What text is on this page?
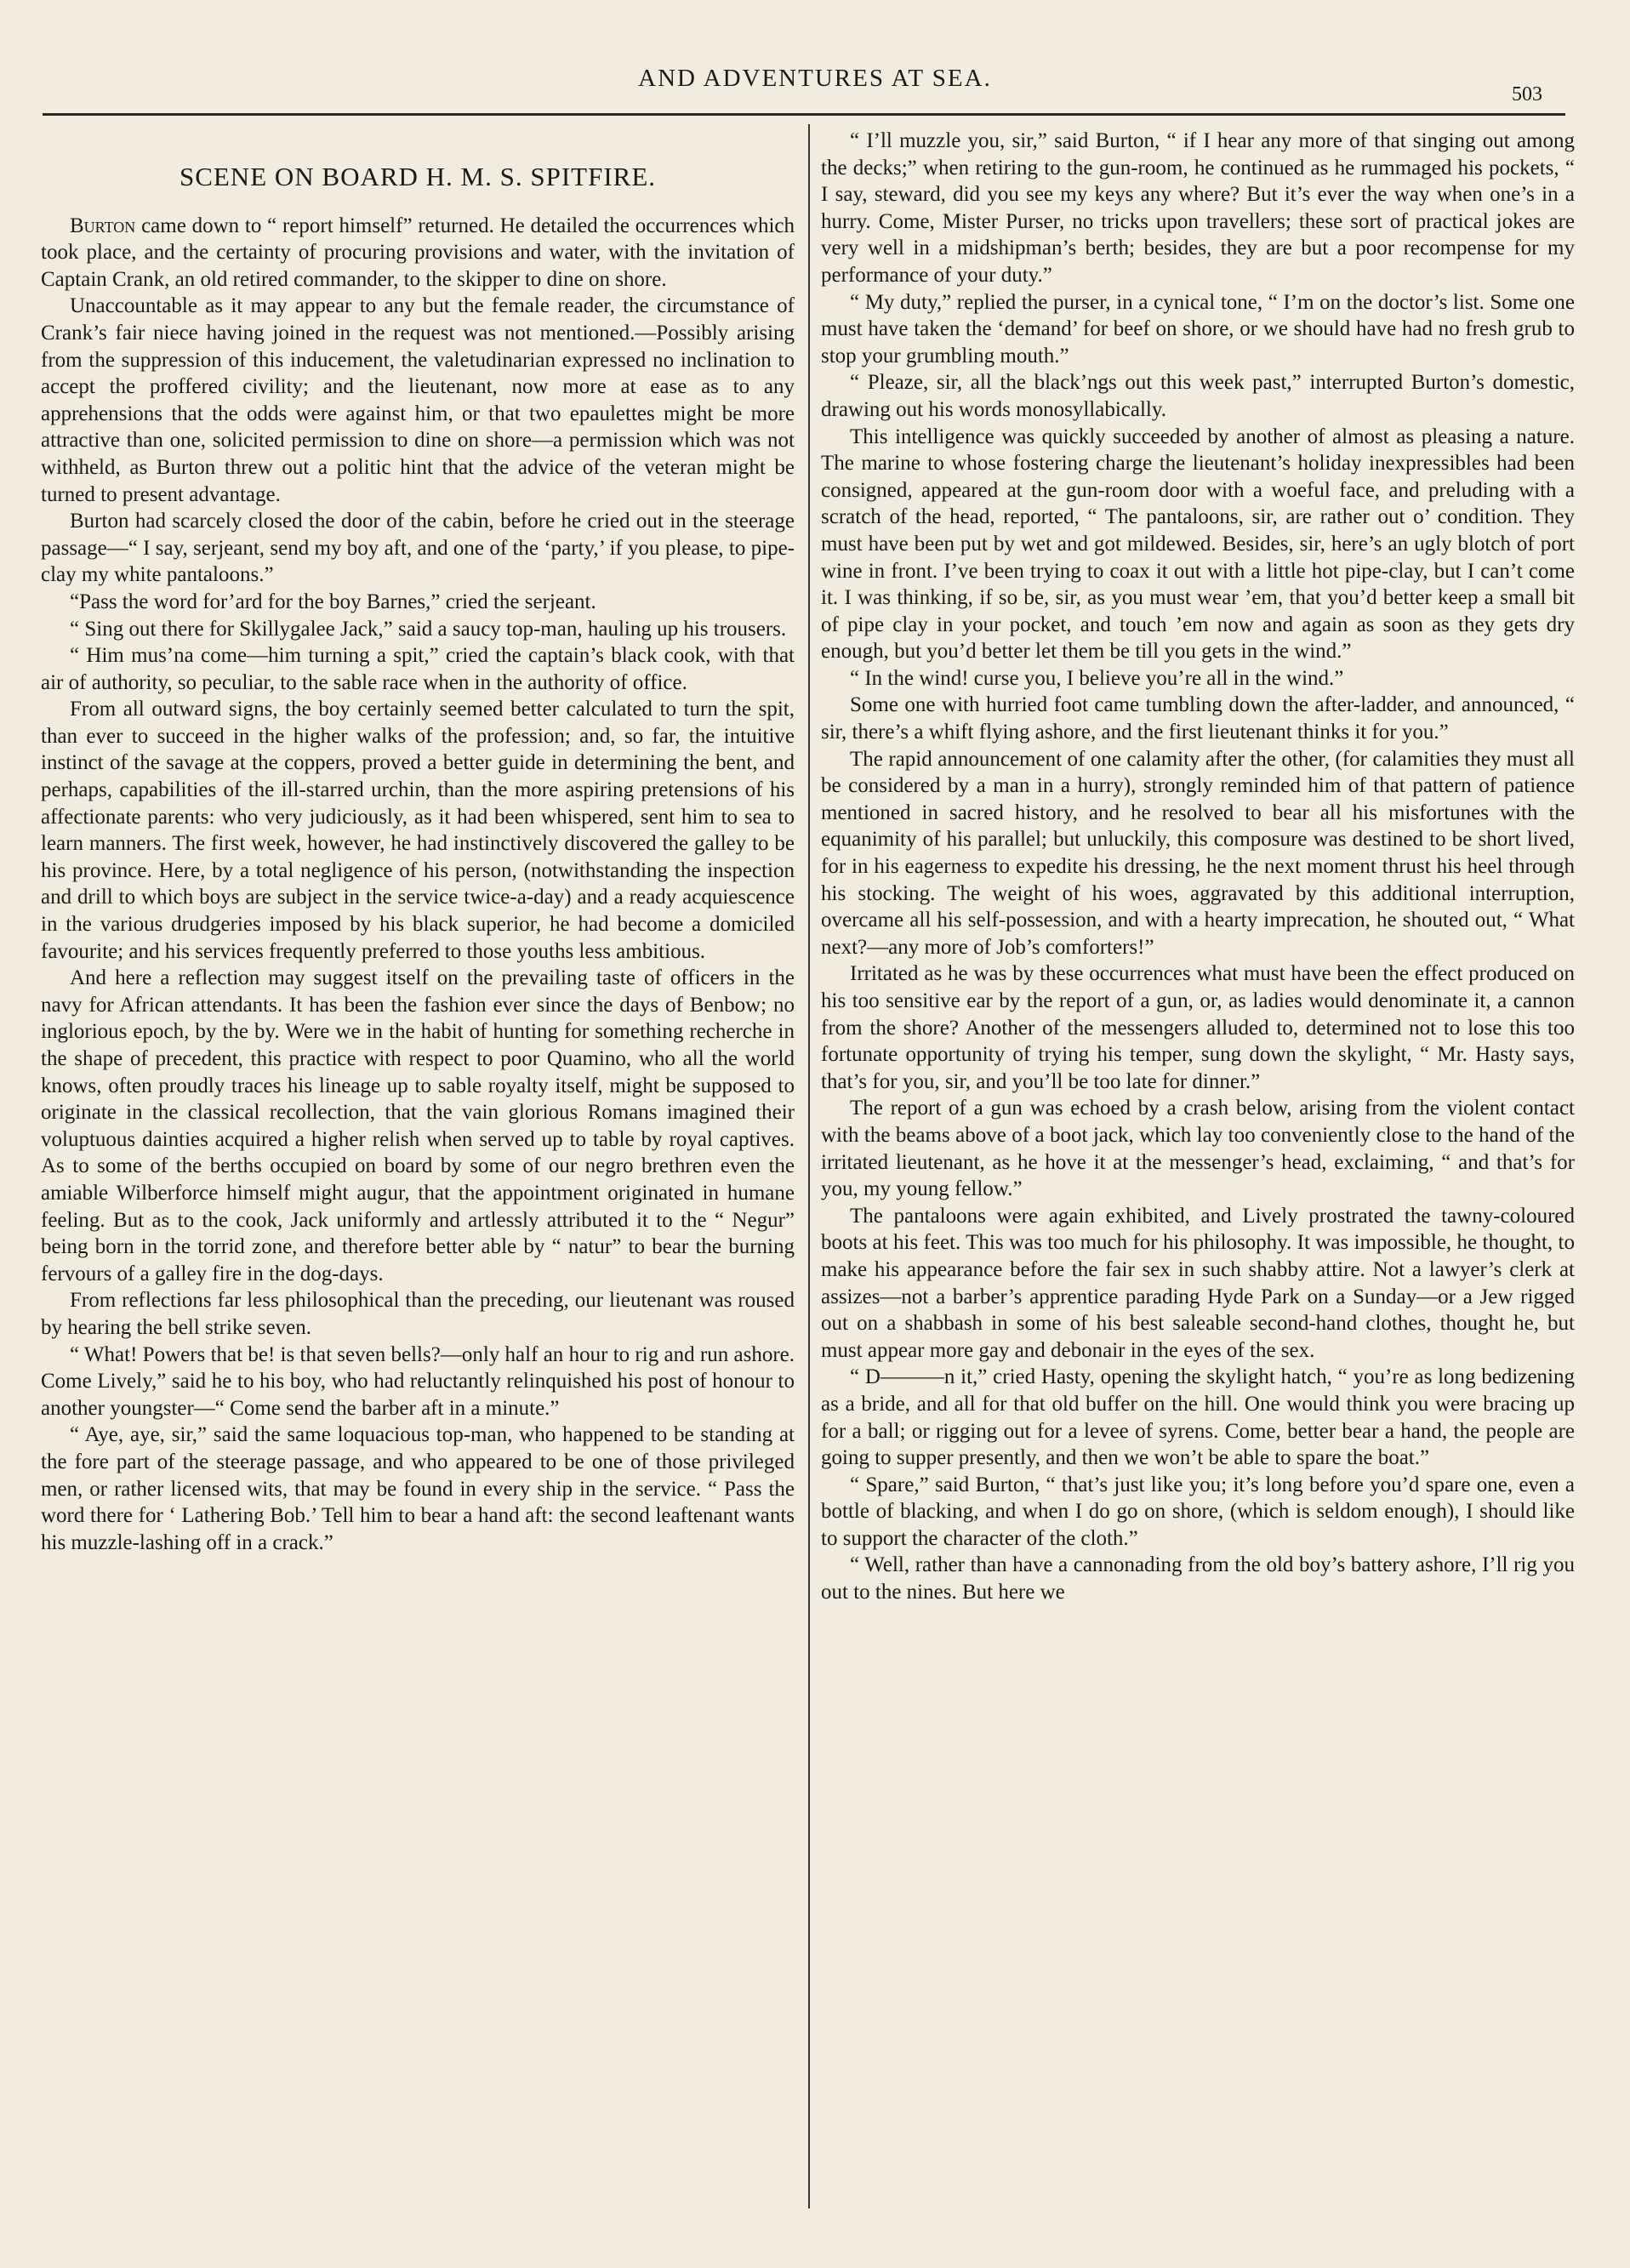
AND ADVENTURES AT SEA.
503
SCENE ON BOARD H. M. S. SPITFIRE.

Burton came down to “ report himself” returned. He detailed the occurrences which took place, and the certainty of procuring provisions and water, with the invitation of Captain Crank, an old retired commander, to the skipper to dine on shore.

Unaccountable as it may appear to any but the female reader, the circumstance of Crank’s fair niece having joined in the request was not mentioned.—Possibly arising from the suppression of this inducement, the valetudinarian expressed no inclination to accept the proffered civility; and the lieutenant, now more at ease as to any apprehensions that the odds were against him, or that two epaulettes might be more attractive than one, solicited permission to dine on shore—a permission which was not withheld, as Burton threw out a politic hint that the advice of the veteran might be turned to present advantage.

Burton had scarcely closed the door of the cabin, before he cried out in the steerage passage—“ I say, serjeant, send my boy aft, and one of the ‘party,’ if you please, to pipe-clay my white pantaloons.”

“Pass the word for’ard for the boy Barnes,” cried the serjeant.

“ Sing out there for Skillygalee Jack,” said a saucy top-man, hauling up his trousers.

“ Him mus’na come—him turning a spit,” cried the captain’s black cook, with that air of authority, so peculiar, to the sable race when in the authority of office.

From all outward signs, the boy certainly seemed better calculated to turn the spit, than ever to succeed in the higher walks of the profession; and, so far, the intuitive instinct of the savage at the coppers, proved a better guide in determining the bent, and perhaps, capabilities of the ill-starred urchin, than the more aspiring pretensions of his affectionate parents: who very judiciously, as it had been whispered, sent him to sea to learn manners. The first week, however, he had instinctively discovered the galley to be his province. Here, by a total negligence of his person, (notwithstanding the inspection and drill to which boys are subject in the service twice-a-day) and a ready acquiescence in the various drudgeries imposed by his black superior, he had become a domiciled favourite; and his services frequently preferred to those youths less ambitious.

And here a reflection may suggest itself on the prevailing taste of officers in the navy for African attendants. It has been the fashion ever since the days of Benbow; no inglorious epoch, by the by. Were we in the habit of hunting for something recherche in the shape of precedent, this practice with respect to poor Quamino, who all the world knows, often proudly traces his lineage up to sable royalty itself, might be supposed to originate in the classical recollection, that the vain glorious Romans imagined their voluptuous dainties acquired a higher relish when served up to table by royal captives. As to some of the berths occupied on board by some of our negro brethren even the amiable Wilberforce himself might augur, that the appointment originated in humane feeling. But as to the cook, Jack uniformly and artlessly attributed it to the “ Negur” being born in the torrid zone, and therefore better able by “ natur” to bear the burning fervours of a galley fire in the dog-days.

From reflections far less philosophical than the preceding, our lieutenant was roused by hearing the bell strike seven.

“ What! Powers that be! is that seven bells?—only half an hour to rig and run ashore. Come Lively,” said he to his boy, who had reluctantly relinquished his post of honour to another youngster—“ Come send the barber aft in a minute.”

“ Aye, aye, sir,” said the same loquacious top-man, who happened to be standing at the fore part of the steerage passage, and who appeared to be one of those privileged men, or rather licensed wits, that may be found in every ship in the service. “ Pass the word there for ‘ Lathering Bob.’ Tell him to bear a hand aft: the second leaftenant wants his muzzle-lashing off in a crack.”

“ I’ll muzzle you, sir,” said Burton, “ if I hear any more of that singing out among the decks;” when retiring to the gun-room, he continued as he rummaged his pockets, “ I say, steward, did you see my keys any where? But it’s ever the way when one’s in a hurry. Come, Mister Purser, no tricks upon travellers; these sort of practical jokes are very well in a midshipman’s berth; besides, they are but a poor recompense for my performance of your duty.”

“ My duty,” replied the purser, in a cynical tone, “ I’m on the doctor’s list. Some one must have taken the ‘demand’ for beef on shore, or we should have had no fresh grub to stop your grumbling mouth.”

“ Pleaze, sir, all the black’ngs out this week past,” interrupted Burton’s domestic, drawing out his words monosyllabically.

This intelligence was quickly succeeded by another of almost as pleasing a nature. The marine to whose fostering charge the lieutenant’s holiday inexpressibles had been consigned, appeared at the gun-room door with a woeful face, and preluding with a scratch of the head, reported, “ The pantaloons, sir, are rather out o’ condition. They must have been put by wet and got mildewed. Besides, sir, here’s an ugly blotch of port wine in front. I’ve been trying to coax it out with a little hot pipe-clay, but I can’t come it. I was thinking, if so be, sir, as you must wear ’em, that you’d better keep a small bit of pipe clay in your pocket, and touch ’em now and again as soon as they gets dry enough, but you’d better let them be till you gets in the wind.”

“ In the wind! curse you, I believe you’re all in the wind.”

Some one with hurried foot came tumbling down the after-ladder, and announced, “ sir, there’s a whift flying ashore, and the first lieutenant thinks it for you.”

The rapid announcement of one calamity after the other, (for calamities they must all be considered by a man in a hurry), strongly reminded him of that pattern of patience mentioned in sacred history, and he resolved to bear all his misfortunes with the equanimity of his parallel; but unluckily, this composure was destined to be short lived, for in his eagerness to expedite his dressing, he the next moment thrust his heel through his stocking. The weight of his woes, aggravated by this additional interruption, overcame all his self-possession, and with a hearty imprecation, he shouted out, “ What next?—any more of Job’s comforters!”

Irritated as he was by these occurrences what must have been the effect produced on his too sensitive ear by the report of a gun, or, as ladies would denominate it, a cannon from the shore? Another of the messengers alluded to, determined not to lose this too fortunate opportunity of trying his temper, sung down the skylight, “ Mr. Hasty says, that’s for you, sir, and you’ll be too late for dinner.”

The report of a gun was echoed by a crash below, arising from the violent contact with the beams above of a boot jack, which lay too conveniently close to the hand of the irritated lieutenant, as he hove it at the messenger’s head, exclaiming, “ and that’s for you, my young fellow.”

The pantaloons were again exhibited, and Lively prostrated the tawny-coloured boots at his feet. This was too much for his philosophy. It was impossible, he thought, to make his appearance before the fair sex in such shabby attire. Not a lawyer’s clerk at assizes—not a barber’s apprentice parading Hyde Park on a Sunday—or a Jew rigged out on a shabbash in some of his best saleable second-hand clothes, thought he, but must appear more gay and debonair in the eyes of the sex.

“ D———n it,” cried Hasty, opening the skylight hatch, “ you’re as long bedizening as a bride, and all for that old buffer on the hill. One would think you were bracing up for a ball; or rigging out for a levee of syrens. Come, better bear a hand, the people are going to supper presently, and then we won’t be able to spare the boat.”

“ Spare,” said Burton, “ that’s just like you; it’s long before you’d spare one, even a bottle of blacking, and when I do go on shore, (which is seldom enough), I should like to support the character of the cloth.”

“ Well, rather than have a cannonading from the old boy’s battery ashore, I’ll rig you out to the nines. But here we
